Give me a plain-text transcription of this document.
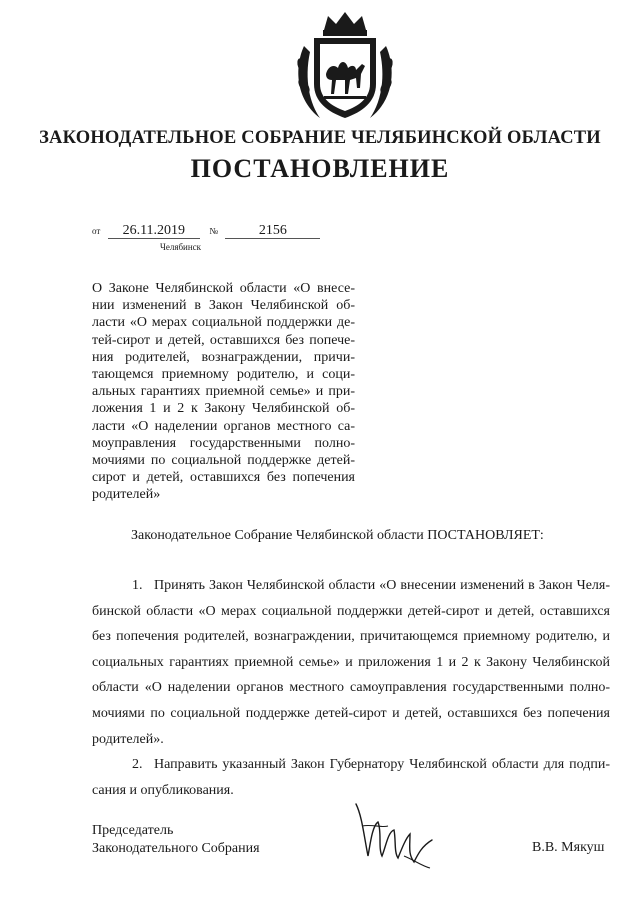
ЗАКОНОДАТЕЛЬНОЕ СОБРАНИЕ ЧЕЛЯБИНСКОЙ ОБЛАСТИ
ПОСТАНОВЛЕНИЕ
от 26.11.2019	№	2156
Челябинск
О Законе Челябинской области «О внесе-
нии изменений в Закон Челябинской об-
ласти «О мерах социальной поддержки де-
тей-сирот и детей, оставшихся без попече-
ния родителей, вознаграждении, причи-
тающемся приемному родителю, и соци-
альных гарантиях приемной семье» и при-
ложения 1 и 2 к Закону Челябинской об-
ласти «О наделении органов местного са-
моуправления государственными полно-
мочиями по социальной поддержке детей-
сирот и детей, оставшихся без попечения
родителей»
Законодательное Собрание Челябинской области ПОСТАНОВЛЯЕТ:
1. Принять Закон Челябинской области «О внесении изменений в Закон Челя-
бинской области «О мерах социальной поддержки детей-сирот и детей, оставшихся
без попечения родителей, вознаграждении, причитающемся приемному родителю, и
социальных гарантиях приемной семье» и приложения 1 и 2 к Закону Челябинской
области «О наделении органов местного самоуправления государственными полно-
мочиями по социальной поддержке детей-сирот и детей, оставшихся без попечения
родителей».
2. Направить указанный Закон Губернатору Челябинской области для подпи-
сания и опубликования.
Председатель
Законодательного Собрания	В.В. Мякуш
